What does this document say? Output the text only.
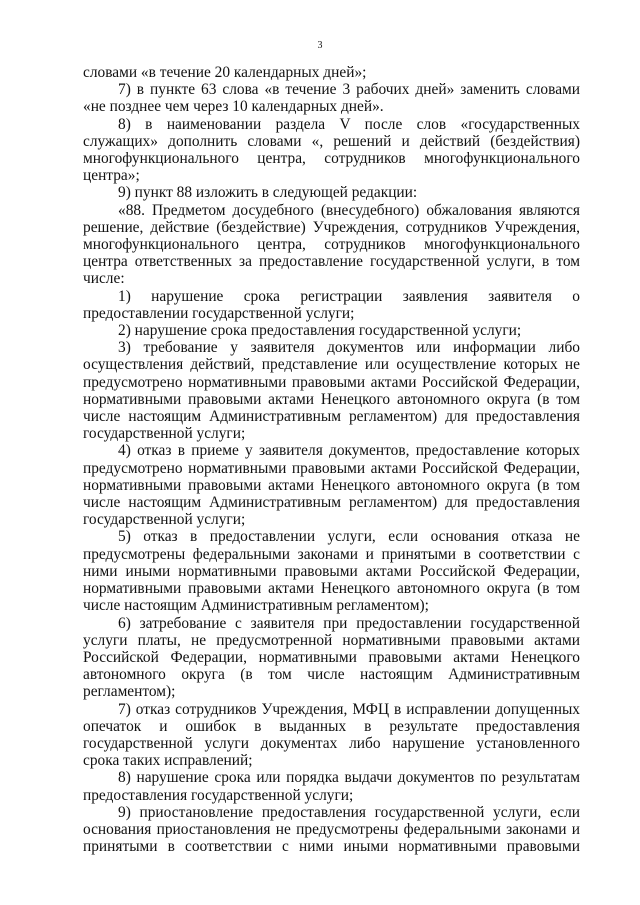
3

словами «в течение 20 календарных дней»;

7) в пункте 63 слова «в течение 3 рабочих дней» заменить словами «не позднее чем через 10 календарных дней».

8) в наименовании раздела V после слов «государственных служащих» дополнить словами «, решений и действий (бездействия) многофункционального центра, сотрудников многофункционального центра»;

9) пункт 88 изложить в следующей редакции:

«88. Предметом досудебного (внесудебного) обжалования являются решение, действие (бездействие) Учреждения, сотрудников Учреждения, многофункционального центра, сотрудников многофункционального центра ответственных за предоставление государственной услуги, в том числе:

1) нарушение срока регистрации заявления заявителя о предоставлении государственной услуги;

2) нарушение срока предоставления государственной услуги;

3) требование у заявителя документов или информации либо осуществления действий, представление или осуществление которых не предусмотрено нормативными правовыми актами Российской Федерации, нормативными правовыми актами Ненецкого автономного округа (в том числе настоящим Административным регламентом) для предоставления государственной услуги;

4) отказ в приеме у заявителя документов, предоставление которых предусмотрено нормативными правовыми актами Российской Федерации, нормативными правовыми актами Ненецкого автономного округа (в том числе настоящим Административным регламентом) для предоставления государственной услуги;

5) отказ в предоставлении услуги, если основания отказа не предусмотрены федеральными законами и принятыми в соответствии с ними иными нормативными правовыми актами Российской Федерации, нормативными правовыми актами Ненецкого автономного округа (в том числе настоящим Административным регламентом);

6) затребование с заявителя при предоставлении государственной услуги платы, не предусмотренной нормативными правовыми актами Российской Федерации, нормативными правовыми актами Ненецкого автономного округа (в том числе настоящим Административным регламентом);

7) отказ сотрудников Учреждения, МФЦ в исправлении допущенных опечаток и ошибок в выданных в результате предоставления государственной услуги документах либо нарушение установленного срока таких исправлений;

8) нарушение срока или порядка выдачи документов по результатам предоставления государственной услуги;

9) приостановление предоставления государственной услуги, если основания приостановления не предусмотрены федеральными законами и принятыми в соответствии с ними иными нормативными правовыми
